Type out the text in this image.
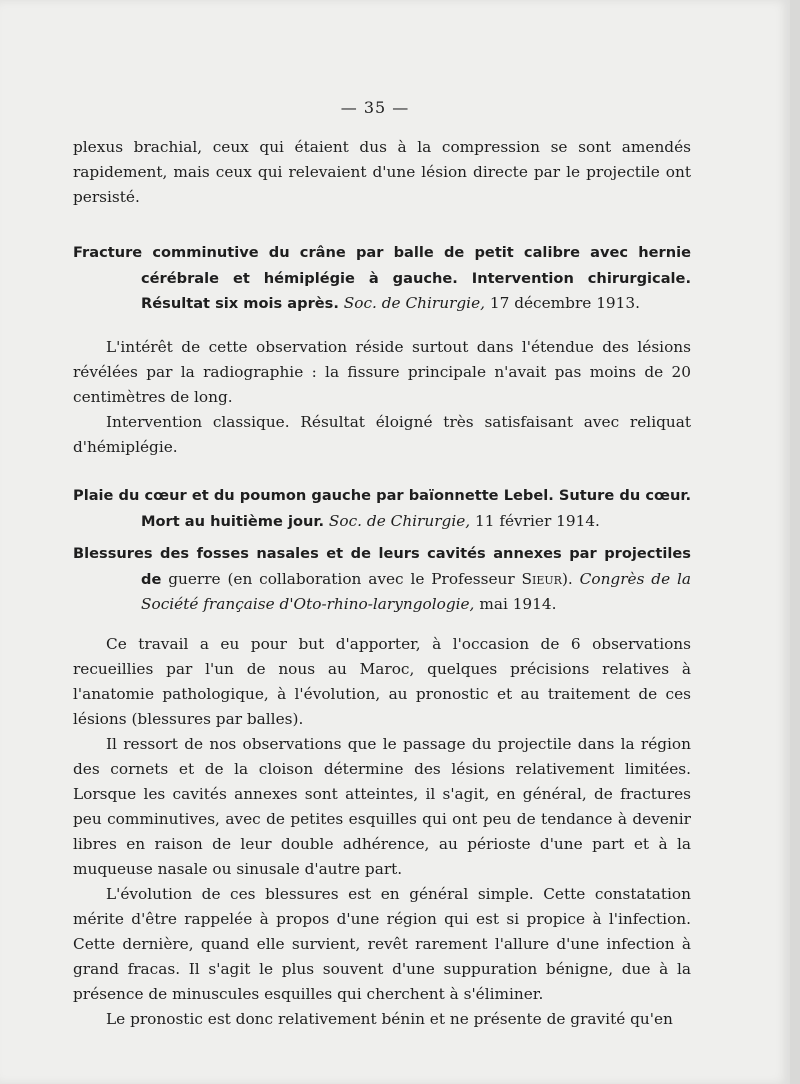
— 35 —

plexus brachial, ceux qui étaient dus à la compression se sont amendés rapidement, mais ceux qui relevaient d'une lésion directe par le projectile ont persisté.

Fracture comminutive du crâne par balle de petit calibre avec hernie cérébrale et hémiplégie à gauche. Intervention chirurgicale. Résultat six mois après. Soc. de Chirurgie, 17 décembre 1913.

L'intérêt de cette observation réside surtout dans l'étendue des lésions révélées par la radiographie : la fissure principale n'avait pas moins de 20 centimètres de long.

Intervention classique. Résultat éloigné très satisfaisant avec reliquat d'hémiplégie.

Plaie du cœur et du poumon gauche par baïonnette Lebel. Suture du cœur. Mort au huitième jour. Soc. de Chirurgie, 11 février 1914.

Blessures des fosses nasales et de leurs cavités annexes par projectiles de guerre (en collaboration avec le Professeur Sieur). Congrès de la Société française d'Oto-rhino-laryngologie, mai 1914.

Ce travail a eu pour but d'apporter, à l'occasion de 6 observations recueillies par l'un de nous au Maroc, quelques précisions relatives à l'anatomie pathologique, à l'évolution, au pronostic et au traitement de ces lésions (blessures par balles).

Il ressort de nos observations que le passage du projectile dans la région des cornets et de la cloison détermine des lésions relativement limitées. Lorsque les cavités annexes sont atteintes, il s'agit, en général, de fractures peu comminutives, avec de petites esquilles qui ont peu de tendance à devenir libres en raison de leur double adhérence, au périoste d'une part et à la muqueuse nasale ou sinusale d'autre part.

L'évolution de ces blessures est en général simple. Cette constatation mérite d'être rappelée à propos d'une région qui est si propice à l'infection. Cette dernière, quand elle survient, revêt rarement l'allure d'une infection à grand fracas. Il s'agit le plus souvent d'une suppuration bénigne, due à la présence de minuscules esquilles qui cherchent à s'éliminer.

Le pronostic est donc relativement bénin et ne présente de gravité qu'en
